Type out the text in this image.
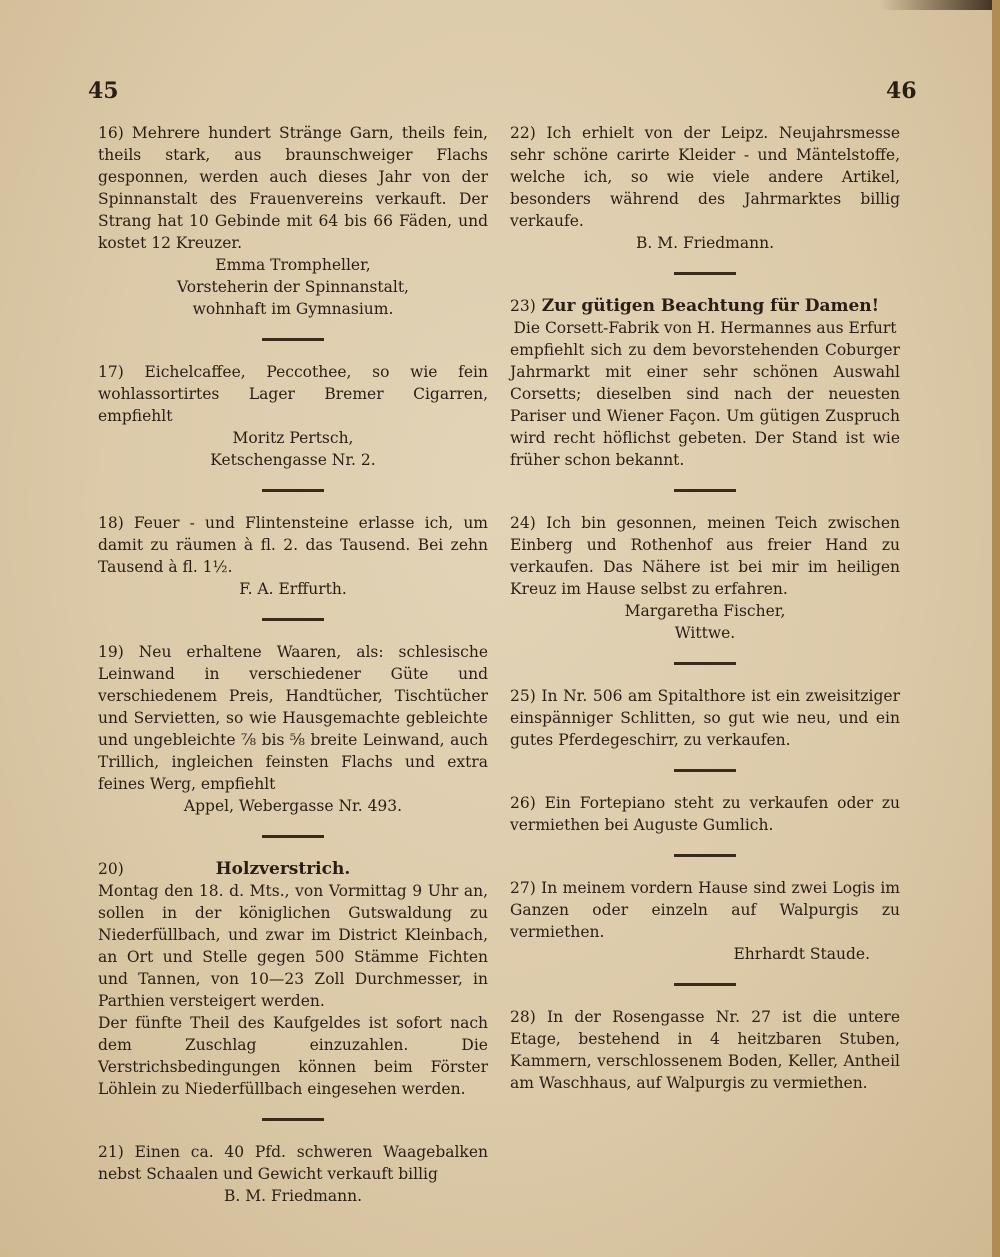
45	46

16) Mehrere hundert Stränge Garn, theils fein, theils stark, aus braunschweiger Flachs gesponnen, werden auch dieses Jahr von der Spinnanstalt des Frauenvereins verkauft. Der Strang hat 10 Gebinde mit 64 bis 66 Fäden, und kostet 12 Kreuzer.

Emma Trompheller,

Vorsteherin der Spinnanstalt,

wohnhaft im Gymnasium.

17) Eichelcaffee, Peccothee, so wie fein wohlassortirtes Lager Bremer Cigarren, empfiehlt

Moritz Pertsch,

Ketschengasse Nr. 2.

18) Feuer - und Flintensteine erlasse ich, um damit zu räumen à fl. 2. das Tausend. Bei zehn Tausend à fl. 1½.

F. A. Erffurth.

19) Neu erhaltene Waaren, als: schlesische Leinwand in verschiedener Güte und verschiedenem Preis, Handtücher, Tischtücher und Servietten, so wie Hausgemachte gebleichte und ungebleichte ⅞ bis ⅝ breite Leinwand, auch Trillich, ingleichen feinsten Flachs und extra feines Werg, empfiehlt

Appel, Webergasse Nr. 493.

20)	Holzverstrich.

Montag den 18. d. Mts., von Vormittag 9 Uhr an, sollen in der königlichen Gutswaldung zu Niederfüllbach, und zwar im District Kleinbach, an Ort und Stelle gegen 500 Stämme Fichten und Tannen, von 10—23 Zoll Durchmesser, in Parthien versteigert werden.

Der fünfte Theil des Kaufgeldes ist sofort nach dem Zuschlag einzuzahlen. Die Verstrichsbedingungen können beim Förster Löhlein zu Niederfüllbach eingesehen werden.

21) Einen ca. 40 Pfd. schweren Waagebalken nebst Schaalen und Gewicht verkauft billig

B. M. Friedmann.

22) Ich erhielt von der Leipz. Neujahrsmesse sehr schöne carirte Kleider - und Mäntelstoffe, welche ich, so wie viele andere Artikel, besonders während des Jahrmarktes billig verkaufe.

B. M. Friedmann.

23) Zur gütigen Beachtung für Damen!

Die Corsett-Fabrik von H. Hermannes aus Erfurt

empfiehlt sich zu dem bevorstehenden Coburger Jahrmarkt mit einer sehr schönen Auswahl Corsetts; dieselben sind nach der neuesten Pariser und Wiener Façon. Um gütigen Zuspruch wird recht höflichst gebeten. Der Stand ist wie früher schon bekannt.

24) Ich bin gesonnen, meinen Teich zwischen Einberg und Rothenhof aus freier Hand zu verkaufen. Das Nähere ist bei mir im heiligen Kreuz im Hause selbst zu erfahren.

Margaretha Fischer,

Wittwe.

25) In Nr. 506 am Spitalthore ist ein zweisitziger einspänniger Schlitten, so gut wie neu, und ein gutes Pferdegeschirr, zu verkaufen.

26) Ein Fortepiano steht zu verkaufen oder zu vermiethen bei Auguste Gumlich.

27) In meinem vordern Hause sind zwei Logis im Ganzen oder einzeln auf Walpurgis zu vermiethen.

Ehrhardt Staude.

28) In der Rosengasse Nr. 27 ist die untere Etage, bestehend in 4 heitzbaren Stuben, Kammern, verschlossenem Boden, Keller, Antheil am Waschhaus, auf Walpurgis zu vermiethen.
